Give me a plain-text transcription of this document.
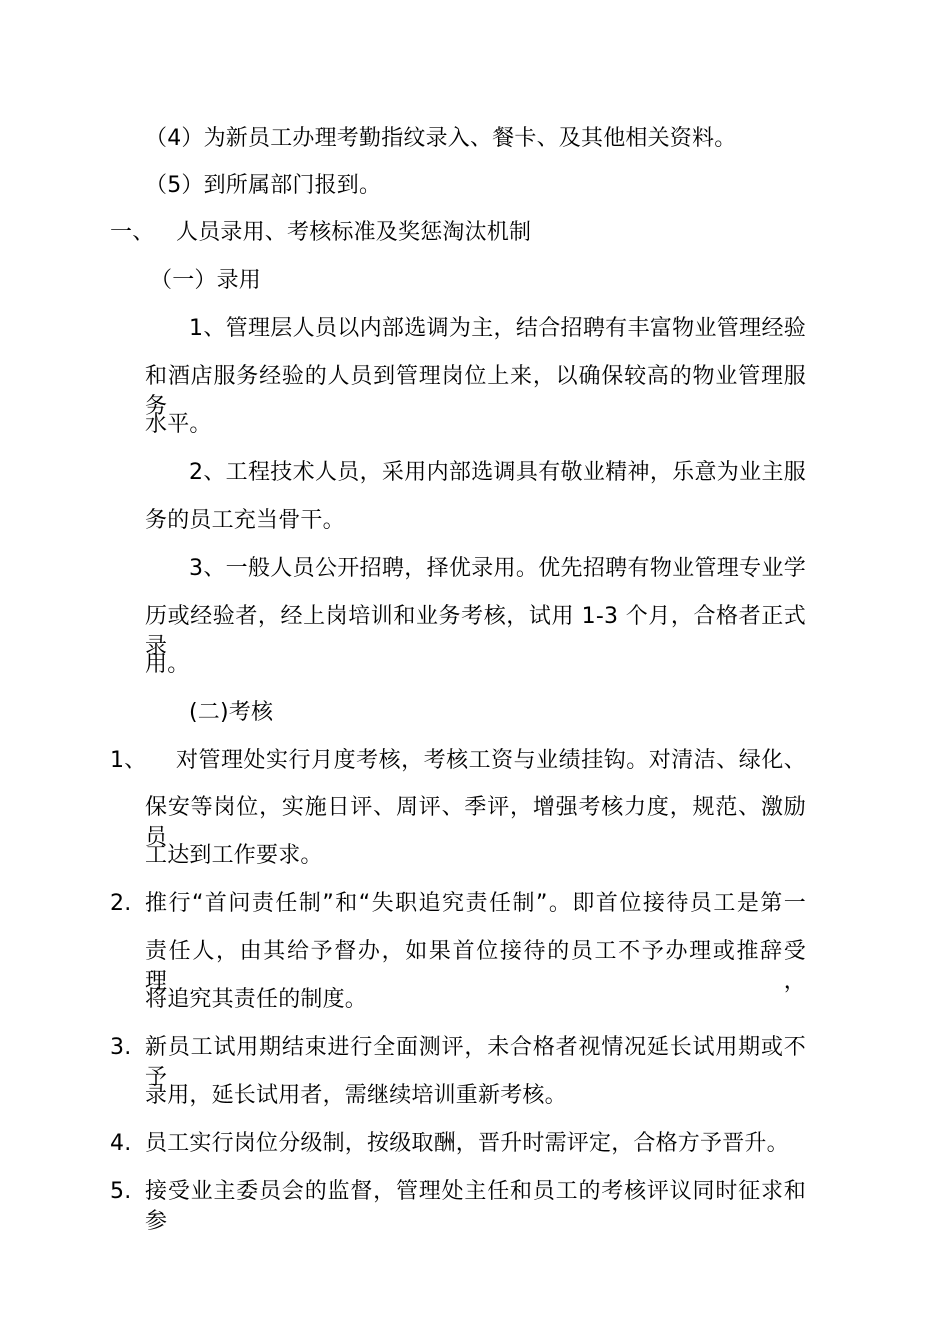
（4）为新员工办理考勤指纹录入、餐卡、及其他相关资料。
（5）到所属部门报到。
一、 人员录用、考核标准及奖惩淘汰机制
（一）录用
1、管理层人员以内部选调为主，结合招聘有丰富物业管理经验
和酒店服务经验的人员到管理岗位上来，以确保较高的物业管理服务
水平。
2、工程技术人员，采用内部选调具有敬业精神，乐意为业主服
务的员工充当骨干。
3、一般人员公开招聘，择优录用。优先招聘有物业管理专业学
历或经验者，经上岗培训和业务考核，试用 1-3 个月，合格者正式录
用。
(二)考核
1、 对管理处实行月度考核，考核工资与业绩挂钩。对清洁、绿化、
保安等岗位，实施日评、周评、季评，增强考核力度，规范、激励员
工达到工作要求。
2. 推行“首问责任制”和“失职追究责任制”。即首位接待员工是第一
责任人，由其给予督办，如果首位接待的员工不予办理或推辞受理，
将追究其责任的制度。
3. 新员工试用期结束进行全面测评，未合格者视情况延长试用期或不予
录用，延长试用者，需继续培训重新考核。
4. 员工实行岗位分级制，按级取酬，晋升时需评定，合格方予晋升。
5. 接受业主委员会的监督，管理处主任和员工的考核评议同时征求和参
